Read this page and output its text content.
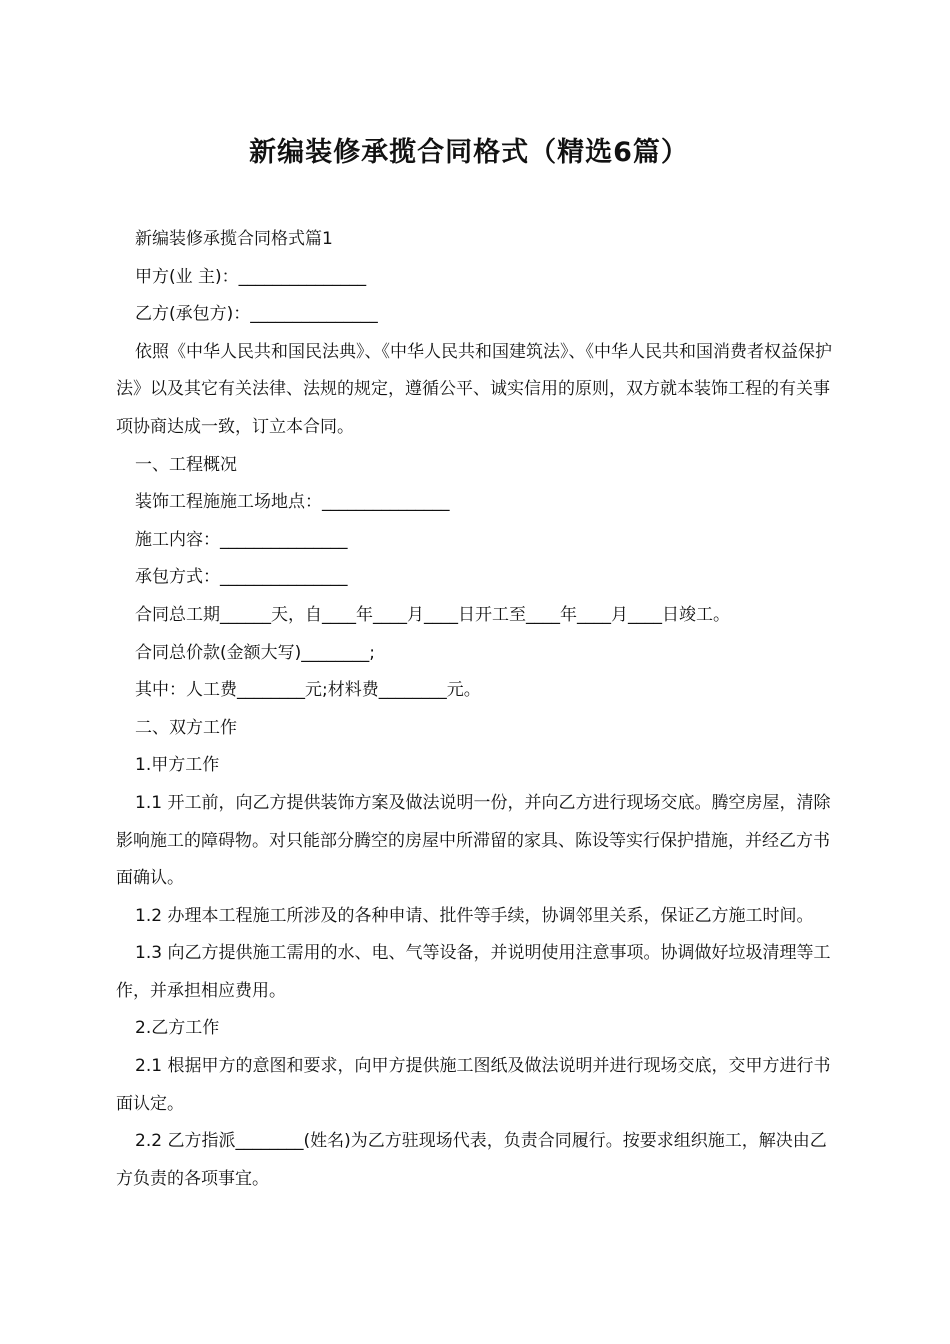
新编装修承揽合同格式（精选6篇）

新编装修承揽合同格式篇1

甲方(业 主)：_______________

乙方(承包方)：_______________

依照《中华人民共和国民法典》、《中华人民共和国建筑法》、《中华人民共和国消费者权益保护法》以及其它有关法律、法规的规定，遵循公平、诚实信用的原则，双方就本装饰工程的有关事项协商达成一致，订立本合同。

一、工程概况

装饰工程施施工场地点：_______________

施工内容：_______________

承包方式：_______________

合同总工期______天，自____年____月____日开工至____年____月____日竣工。

合同总价款(金额大写)________;

其中：人工费________元;材料费________元。

二、双方工作

1.甲方工作

1.1 开工前，向乙方提供装饰方案及做法说明一份，并向乙方进行现场交底。腾空房屋，清除影响施工的障碍物。对只能部分腾空的房屋中所滞留的家具、陈设等实行保护措施，并经乙方书面确认。

1.2 办理本工程施工所涉及的各种申请、批件等手续，协调邻里关系，保证乙方施工时间。

1.3 向乙方提供施工需用的水、电、气等设备，并说明使用注意事项。协调做好垃圾清理等工作，并承担相应费用。

2.乙方工作

2.1 根据甲方的意图和要求，向甲方提供施工图纸及做法说明并进行现场交底，交甲方进行书面认定。

2.2 乙方指派________(姓名)为乙方驻现场代表，负责合同履行。按要求组织施工，解决由乙方负责的各项事宜。
